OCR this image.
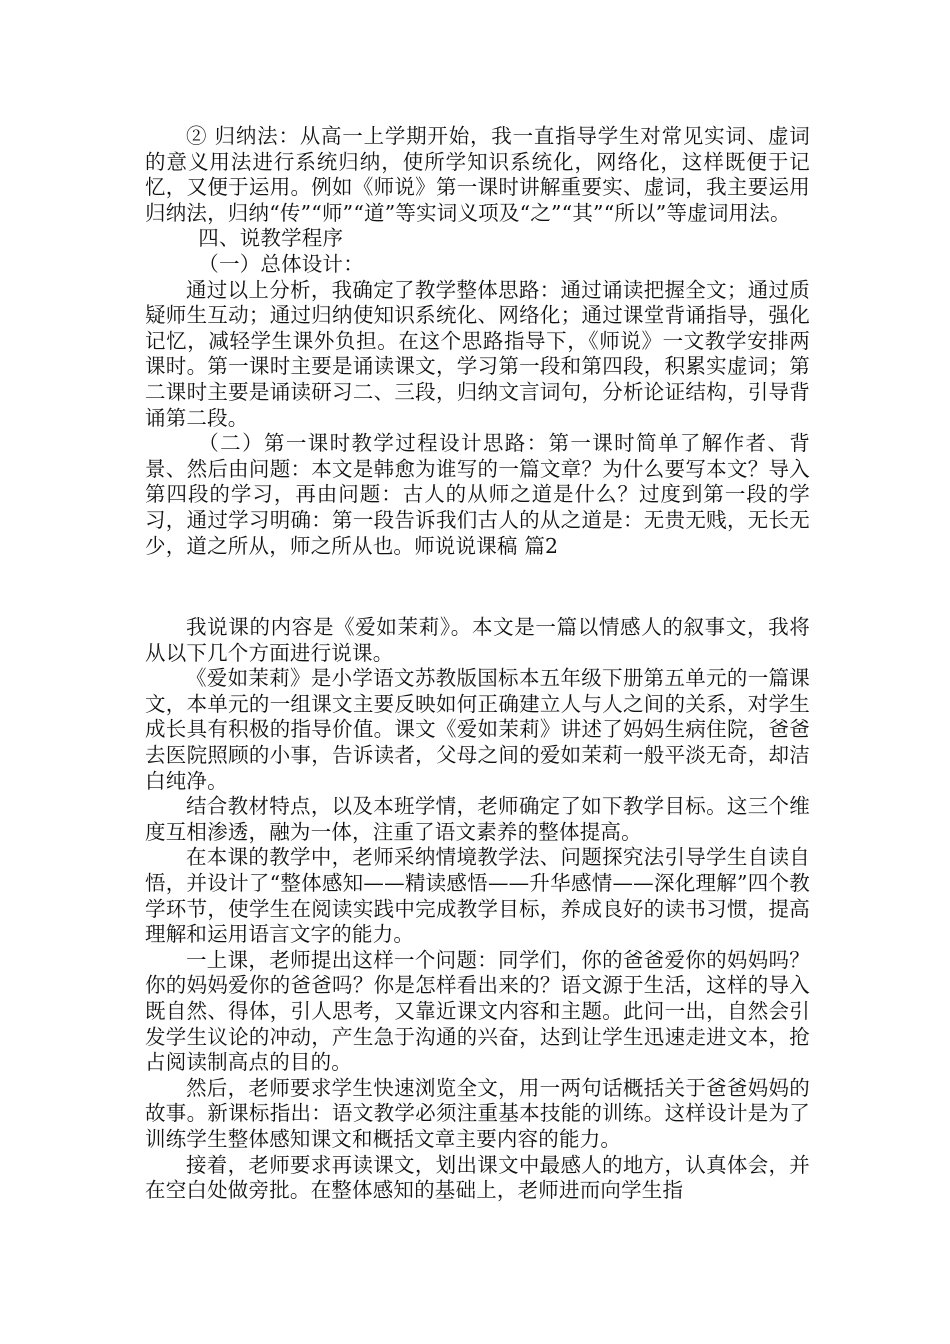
② 归纳法：从高一上学期开始，我一直指导学生对常见实词、虚词的意义用法进行系统归纳，使所学知识系统化，网络化，这样既便于记忆，又便于运用。例如《师说》第一课时讲解重要实、虚词，我主要运用归纳法，归纳“传”“师”“道”等实词义项及“之”“其”“所以”等虚词用法。

四、说教学程序

（一）总体设计：

通过以上分析，我确定了教学整体思路：通过诵读把握全文；通过质疑师生互动；通过归纳使知识系统化、网络化；通过课堂背诵指导，强化记忆，减轻学生课外负担。在这个思路指导下，《师说》一文教学安排两课时。第一课时主要是诵读课文，学习第一段和第四段，积累实虚词；第二课时主要是诵读研习二、三段，归纳文言词句，分析论证结构，引导背诵第二段。

（二）第一课时教学过程设计思路：第一课时简单了解作者、背景、然后由问题：本文是韩愈为谁写的一篇文章？为什么要写本文？导入第四段的学习，再由问题：古人的从师之道是什么？过度到第一段的学习，通过学习明确：第一段告诉我们古人的从之道是：无贵无贱，无长无少，道之所从，师之所从也。师说说课稿 篇2

我说课的内容是《爱如茉莉》。本文是一篇以情感人的叙事文，我将从以下几个方面进行说课。

《爱如茉莉》是小学语文苏教版国标本五年级下册第五单元的一篇课文，本单元的一组课文主要反映如何正确建立人与人之间的关系，对学生成长具有积极的指导价值。课文《爱如茉莉》讲述了妈妈生病住院，爸爸去医院照顾的小事，告诉读者，父母之间的爱如茉莉一般平淡无奇，却洁白纯净。

结合教材特点，以及本班学情，老师确定了如下教学目标。这三个维度互相渗透，融为一体，注重了语文素养的整体提高。

在本课的教学中，老师采纳情境教学法、问题探究法引导学生自读自悟，并设计了“整体感知——精读感悟——升华感情——深化理解”四个教学环节，使学生在阅读实践中完成教学目标，养成良好的读书习惯，提高理解和运用语言文字的能力。

一上课，老师提出这样一个问题：同学们，你的爸爸爱你的妈妈吗？你的妈妈爱你的爸爸吗？你是怎样看出来的？语文源于生活，这样的导入既自然、得体，引人思考，又靠近课文内容和主题。此问一出，自然会引发学生议论的冲动，产生急于沟通的兴奋，达到让学生迅速走进文本，抢占阅读制高点的目的。

然后，老师要求学生快速浏览全文，用一两句话概括关于爸爸妈妈的故事。新课标指出：语文教学必须注重基本技能的训练。这样设计是为了训练学生整体感知课文和概括文章主要内容的能力。

接着，老师要求再读课文，划出课文中最感人的地方，认真体会，并在空白处做旁批。在整体感知的基础上，老师进而向学生指
